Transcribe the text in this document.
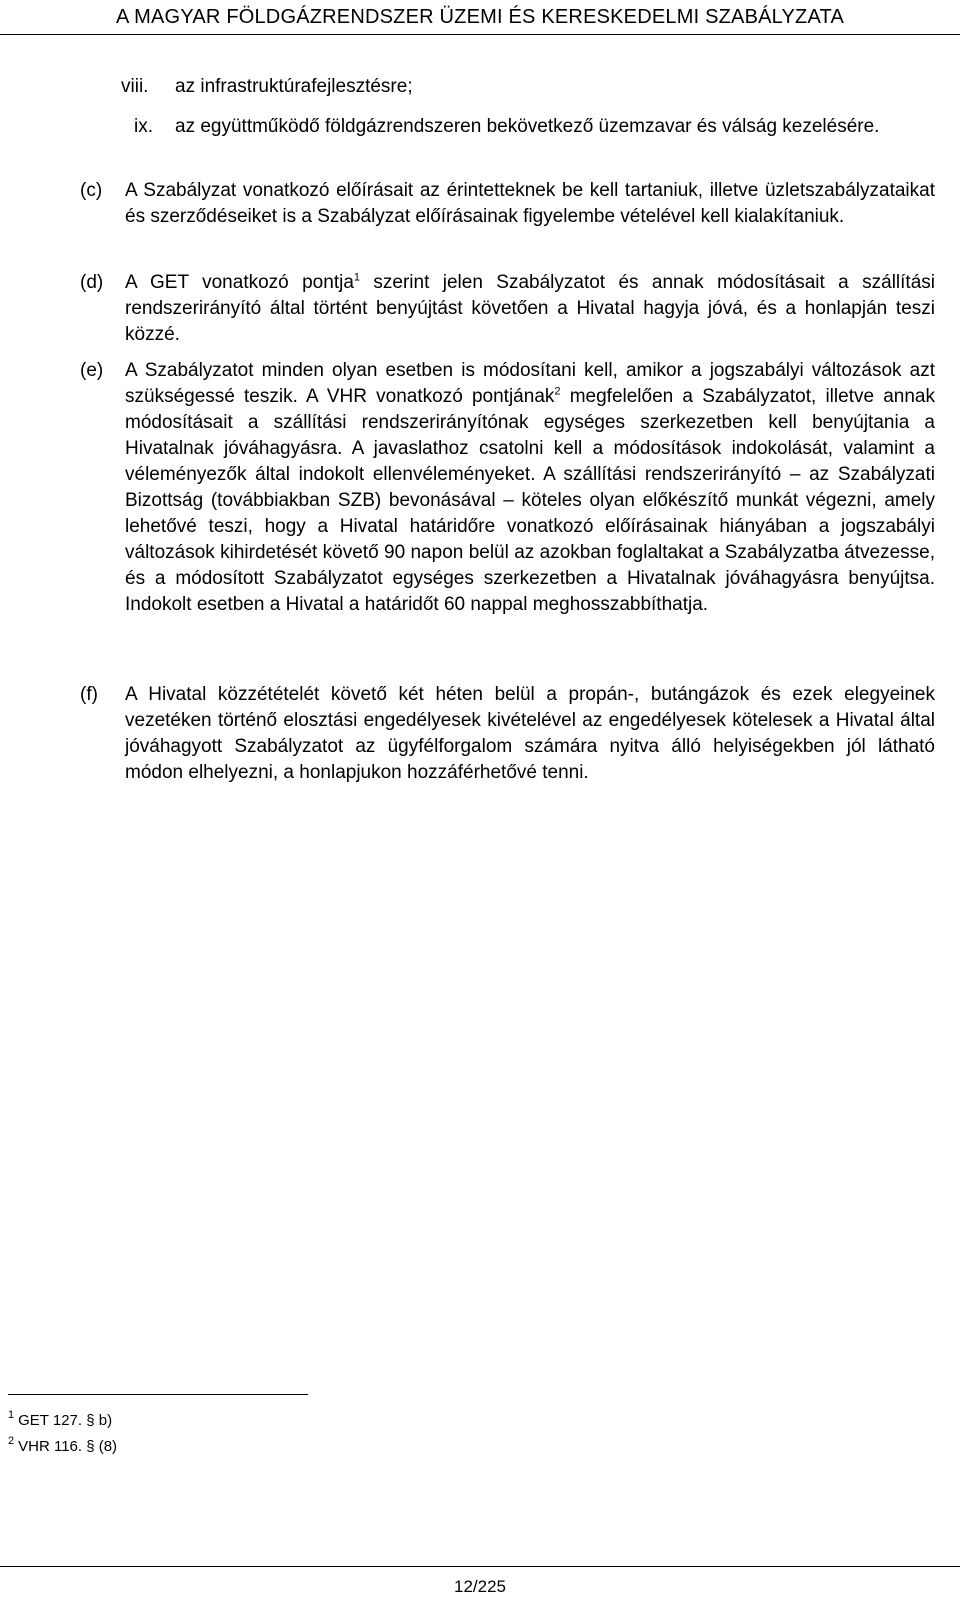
A MAGYAR FÖLDGÁZRENDSZER ÜZEMI ÉS KERESKEDELMI SZABÁLYZATA
viii. az infrastruktúrafejlesztésre;
ix. az együttműködő földgázrendszeren bekövetkező üzemzavar és válság kezelésére.
(c) A Szabályzat vonatkozó előírásait az érintetteknek be kell tartaniuk, illetve üzletszabályzataikat és szerződéseiket is a Szabályzat előírásainak figyelembe vételével kell kialakítaniuk.
(d) A GET vonatkozó pontja$^1$ szerint jelen Szabályzatot és annak módosításait a szállítási rendszerirányító által történt benyújtást követően a Hivatal hagyja jóvá, és a honlapján teszi közzé.
(e) A Szabályzatot minden olyan esetben is módosítani kell, amikor a jogszabályi változások azt szükségessé teszik. A VHR vonatkozó pontjának$^2$ megfelelően a Szabályzatot, illetve annak módosításait a szállítási rendszerirányítónak egységes szerkezetben kell benyújtania a Hivatalnak jóváhagyásra. A javaslathoz csatolni kell a módosítások indokolását, valamint a véleményezők által indokolt ellenvéleményeket. A szállítási rendszerirányító – az Szabályzati Bizottság (továbbiakban SZB) bevonásával – köteles olyan előkészítő munkát végezni, amely lehetővé teszi, hogy a Hivatal határidőre vonatkozó előírásainak hiányában a jogszabályi változások kihirdetését követő 90 napon belül az azokban foglaltakat a Szabályzatba átvezesse, és a módosított Szabályzatot egységes szerkezetben a Hivatalnak jóváhagyásra benyújtsa. Indokolt esetben a Hivatal a határidőt 60 nappal meghosszabbíthatja.
(f) A Hivatal közzétételét követő két héten belül a propán-, butángázok és ezek elegyeinek vezetéken történő elosztási engedélyesek kivételével az engedélyesek kötelesek a Hivatal által jóváhagyott Szabályzatot az ügyfélforgalom számára nyitva álló helyiségekben jól látható módon elhelyezni, a honlapjukon hozzáférhetővé tenni.
$^1$ GET 127. § b)
$^2$ VHR 116. § (8)
12/225
